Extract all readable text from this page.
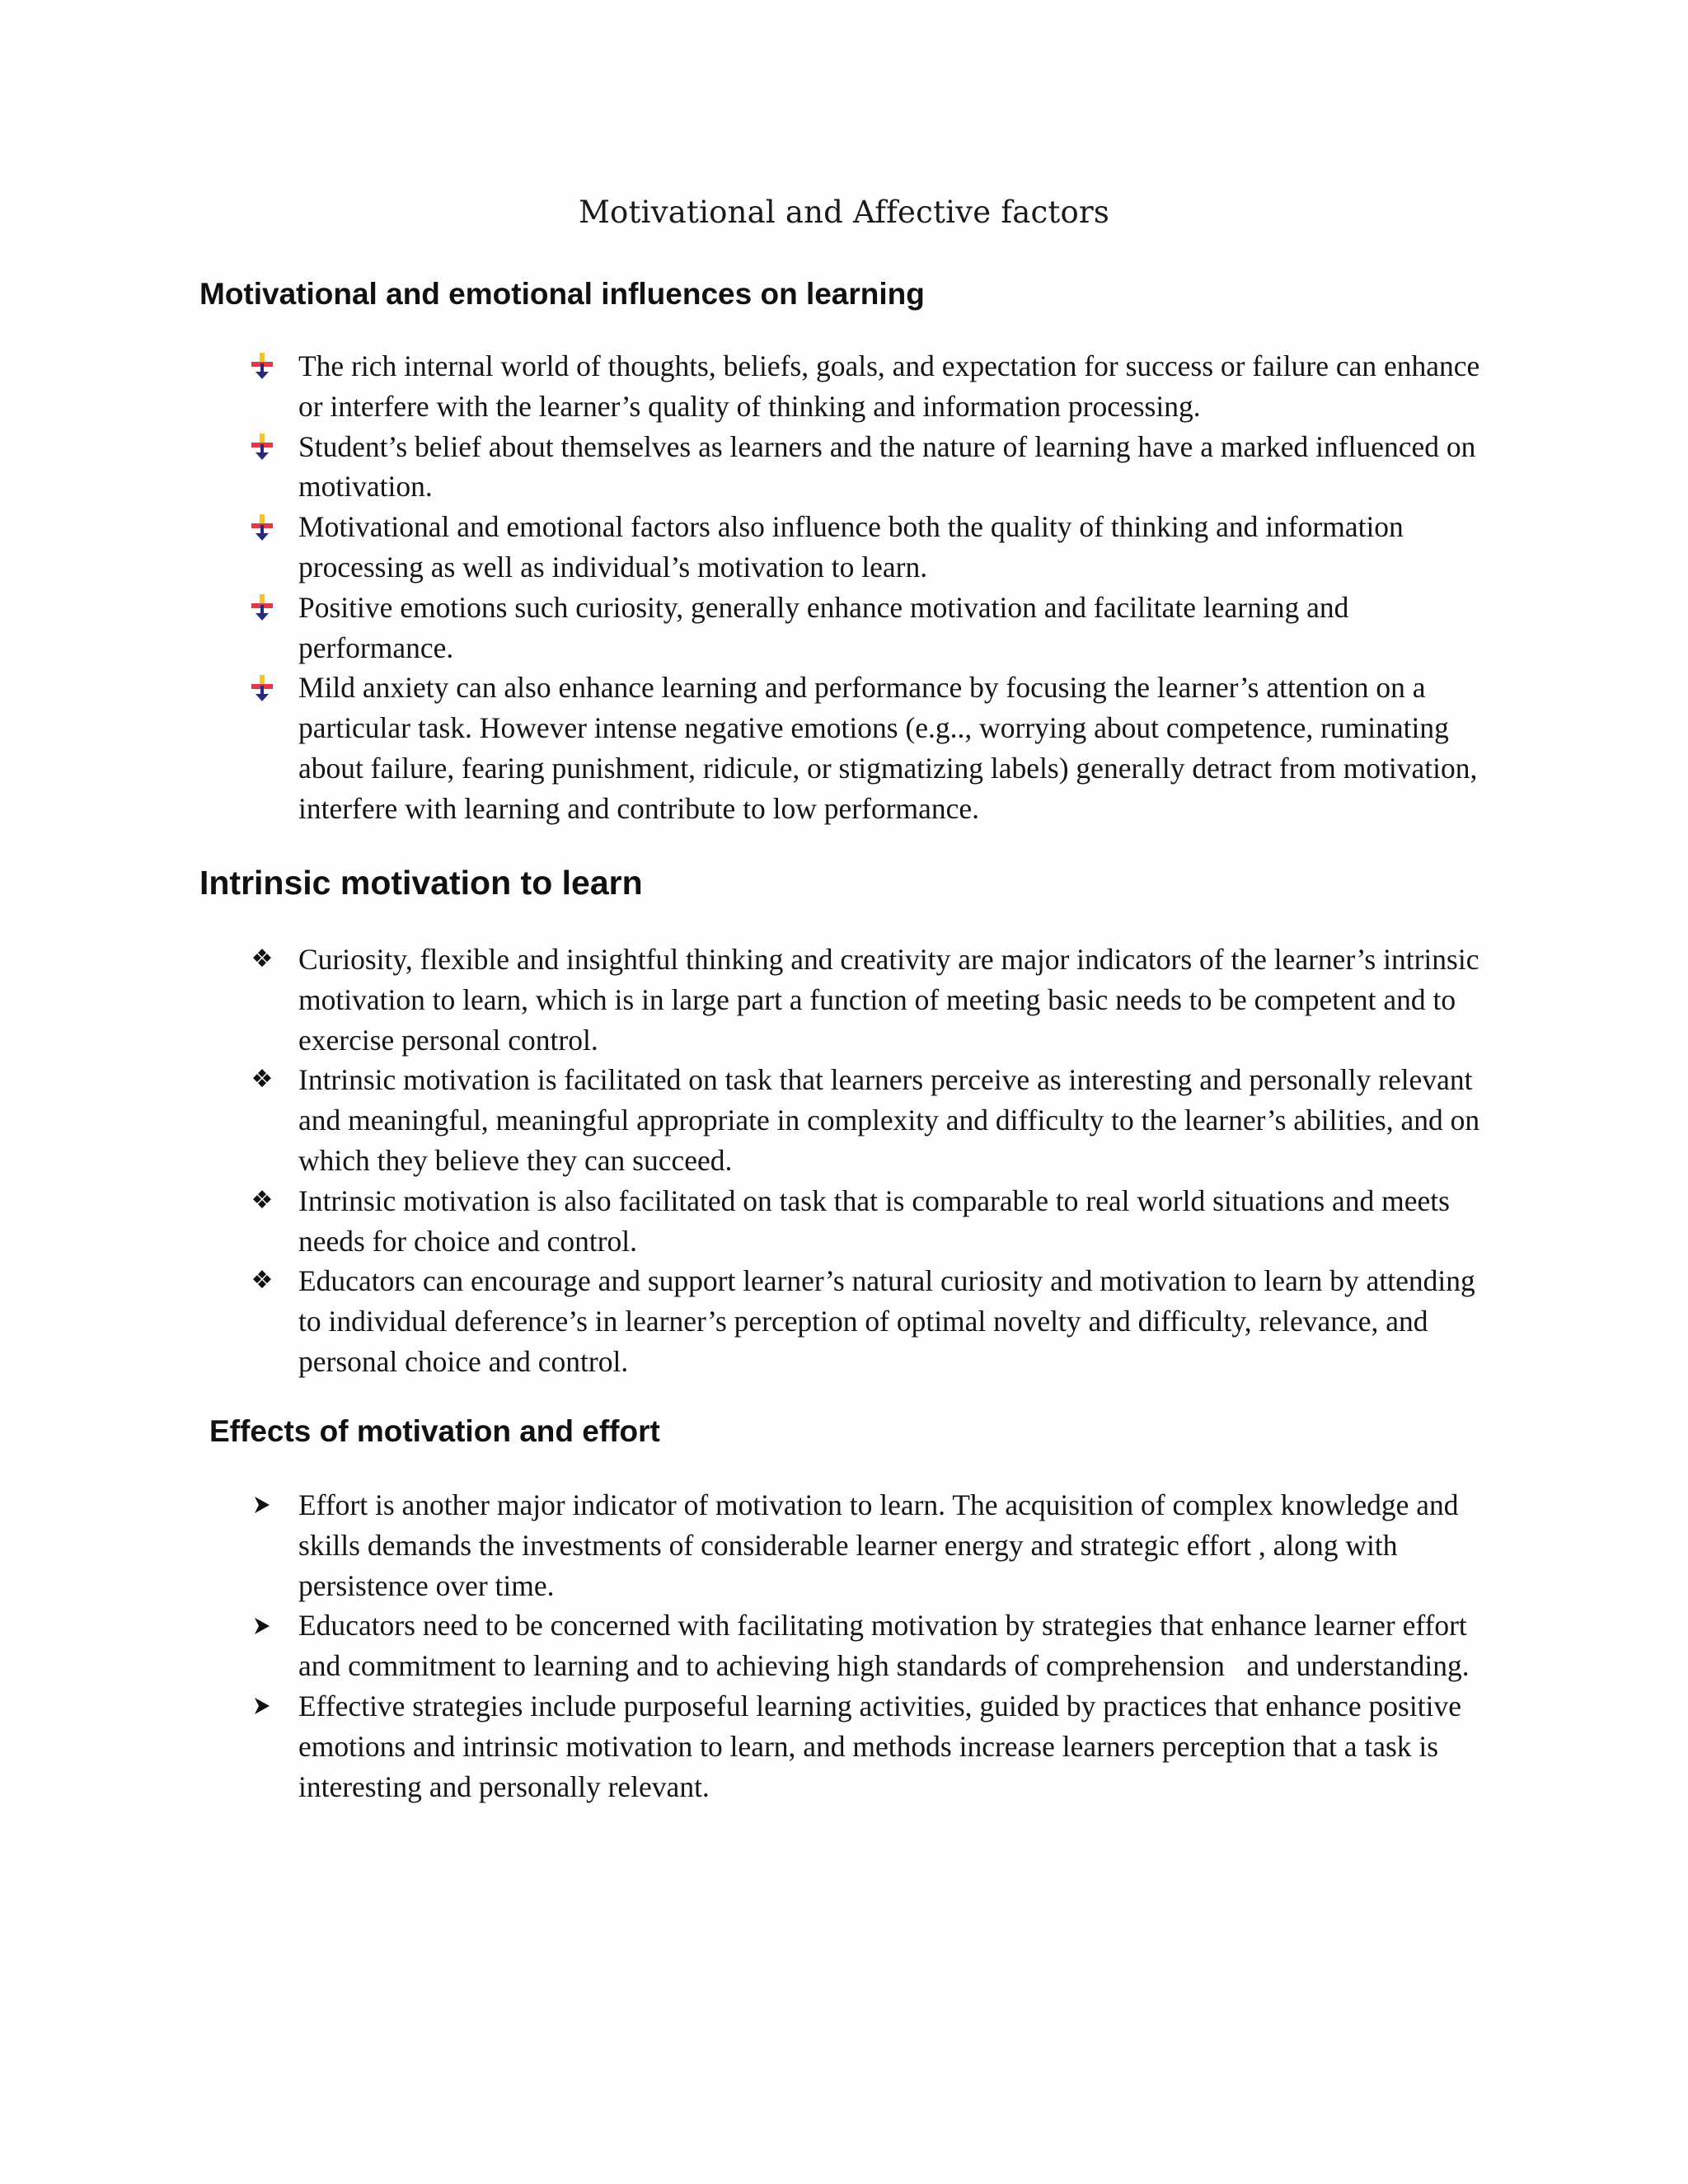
Motivational and Affective factors
Motivational and emotional influences on learning
The rich internal world of thoughts, beliefs, goals, and expectation for success or failure can enhance or interfere with the learner’s quality of thinking and information processing.
Student’s belief about themselves as learners and the nature of learning have a marked influenced on motivation.
Motivational and emotional factors also influence both the quality of thinking and information processing as well as individual’s motivation to learn.
Positive emotions such curiosity, generally enhance motivation and facilitate learning and performance.
Mild anxiety can also enhance learning and performance by focusing the learner’s attention on a particular task. However intense negative emotions (e.g.., worrying about competence, ruminating about failure, fearing punishment, ridicule, or stigmatizing labels) generally detract from motivation, interfere with learning and contribute to low performance.
Intrinsic motivation to learn
❖ Curiosity, flexible and insightful thinking and creativity are major indicators of the learner’s intrinsic motivation to learn, which is in large part a function of meeting basic needs to be competent and to exercise personal control.
❖ Intrinsic motivation is facilitated on task that learners perceive as interesting and personally relevant and meaningful, meaningful appropriate in complexity and difficulty to the learner’s abilities, and on which they believe they can succeed.
❖ Intrinsic motivation is also facilitated on task that is comparable to real world situations and meets needs for choice and control.
❖ Educators can encourage and support learner’s natural curiosity and motivation to learn by attending to individual deference’s in learner’s perception of optimal novelty and difficulty, relevance, and personal choice and control.
Effects of motivation and effort
Effort is another major indicator of motivation to learn. The acquisition of complex knowledge and skills demands the investments of considerable learner energy and strategic effort , along with persistence over time.
Educators need to be concerned with facilitating motivation by strategies that enhance learner effort and commitment to learning and to achieving high standards of comprehension   and understanding.
Effective strategies include purposeful learning activities, guided by practices that enhance positive emotions and intrinsic motivation to learn, and methods increase learners perception that a task is interesting and personally relevant.
